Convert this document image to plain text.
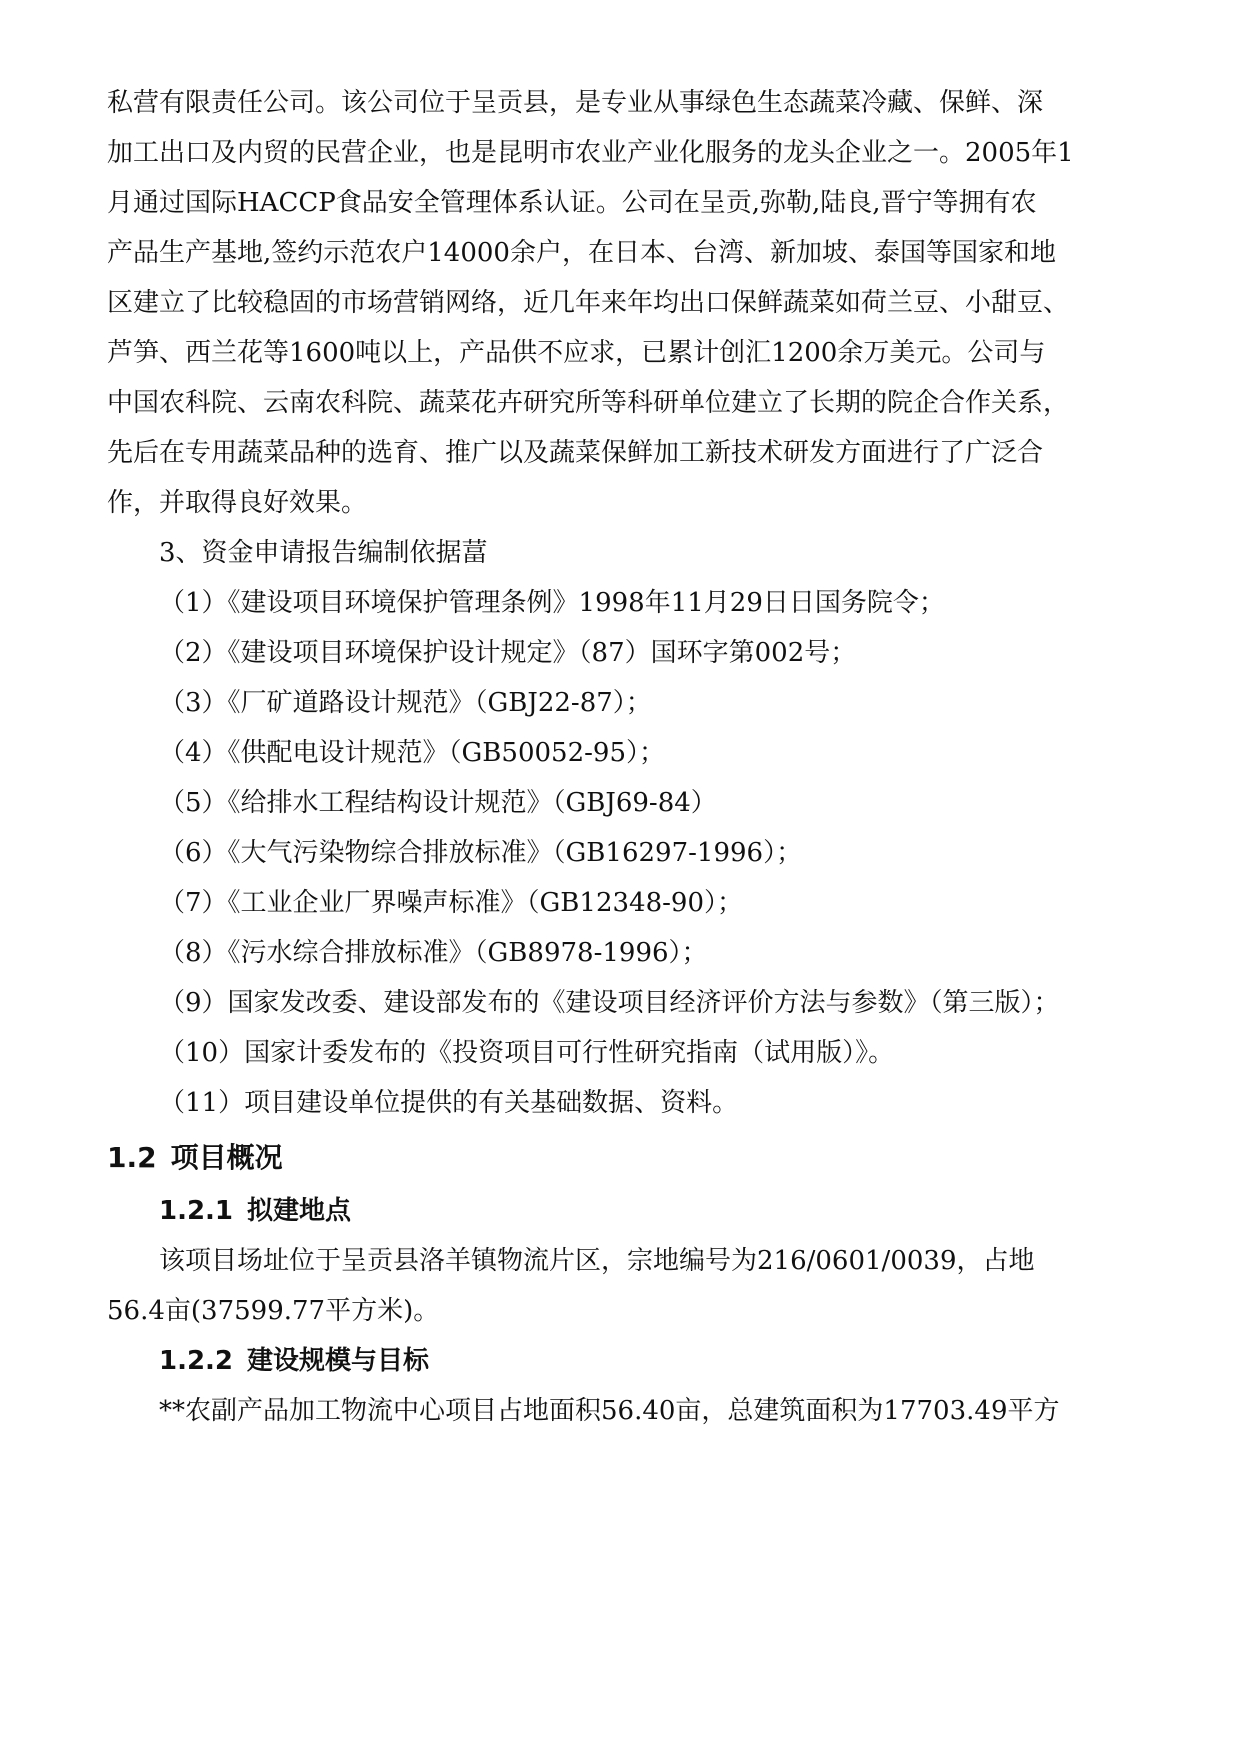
私营有限责任公司。该公司位于呈贡县，是专业从事绿色生态蔬菜冷藏、保鲜、深
加工出口及内贸的民营企业，也是昆明市农业产业化服务的龙头企业之一。2005年1
月通过国际HACCP食品安全管理体系认证。公司在呈贡,弥勒,陆良,晋宁等拥有农
产品生产基地,签约示范农户14000余户，在日本、台湾、新加坡、泰国等国家和地
区建立了比较稳固的市场营销网络，近几年来年均出口保鲜蔬菜如荷兰豆、小甜豆、
芦笋、西兰花等1600吨以上，产品供不应求，已累计创汇1200余万美元。公司与
中国农科院、云南农科院、蔬菜花卉研究所等科研单位建立了长期的院企合作关系，
先后在专用蔬菜品种的选育、推广以及蔬菜保鲜加工新技术研发方面进行了广泛合
作，并取得良好效果。

3、资金申请报告编制依据葍

（1）《建设项目环境保护管理条例》1998年11月29日日国务院令；
（2）《建设项目环境保护设计规定》（87）国环字第002号；
（3）《厂矿道路设计规范》（GBJ22-87）；
（4）《供配电设计规范》（GB50052-95）；
（5）《给排水工程结构设计规范》（GBJ69-84）
（6）《大气污染物综合排放标准》（GB16297-1996）；
（7）《工业企业厂界噪声标准》（GB12348-90）；
（8）《污水综合排放标准》（GB8978-1996）；
（9）国家发改委、建设部发布的《建设项目经济评价方法与参数》（第三版）；
（10）国家计委发布的《投资项目可行性研究指南（试用版）》。
（11）项目建设单位提供的有关基础数据、资料。
1.2 项目概况
1.2.1 拟建地点

该项目场址位于呈贡县洛羊镇物流片区，宗地编号为216/0601/0039，占地
56.4亩(37599.77平方米)。

1.2.2 建设规模与目标

**农副产品加工物流中心项目占地面积56.40亩，总建筑面积为17703.49平方
